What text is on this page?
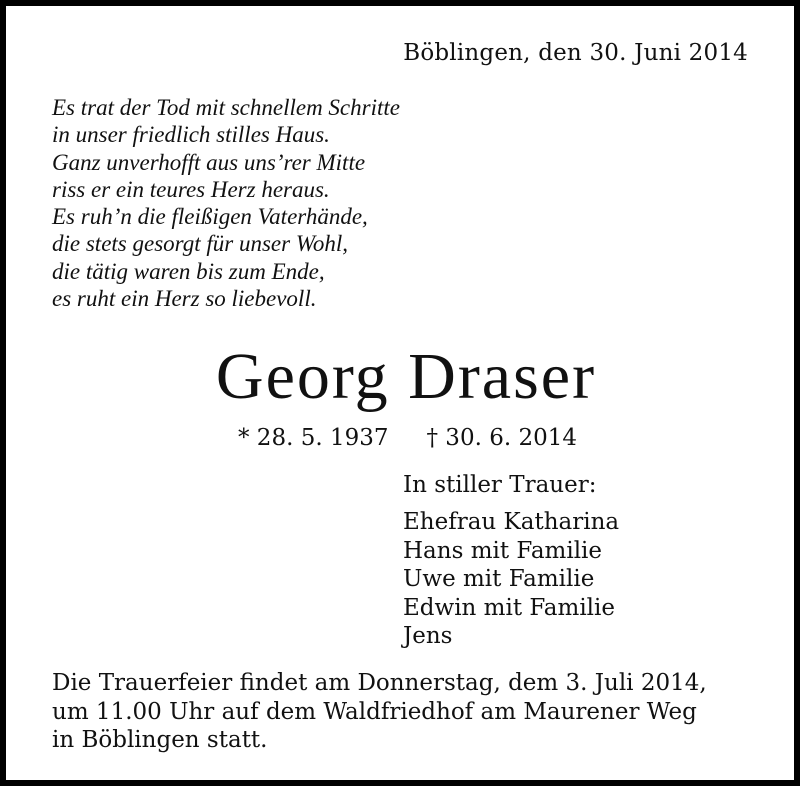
Böblingen, den 30. Juni 2014
Es trat der Tod mit schnellem Schritte
in unser friedlich stilles Haus.
Ganz unverhofft aus uns’rer Mitte
riss er ein teures Herz heraus.
Es ruh’n die fleißigen Vaterhände,
die stets gesorgt für unser Wohl,
die tätig waren bis zum Ende,
es ruht ein Herz so liebevoll.
Georg Draser
* 28. 5. 1937 † 30. 6. 2014
In stiller Trauer:
Ehefrau Katharina
Hans mit Familie
Uwe mit Familie
Edwin mit Familie
Jens
Die Trauerfeier findet am Donnerstag, dem 3. Juli 2014,
um 11.00 Uhr auf dem Waldfriedhof am Maurener Weg
in Böblingen statt.
